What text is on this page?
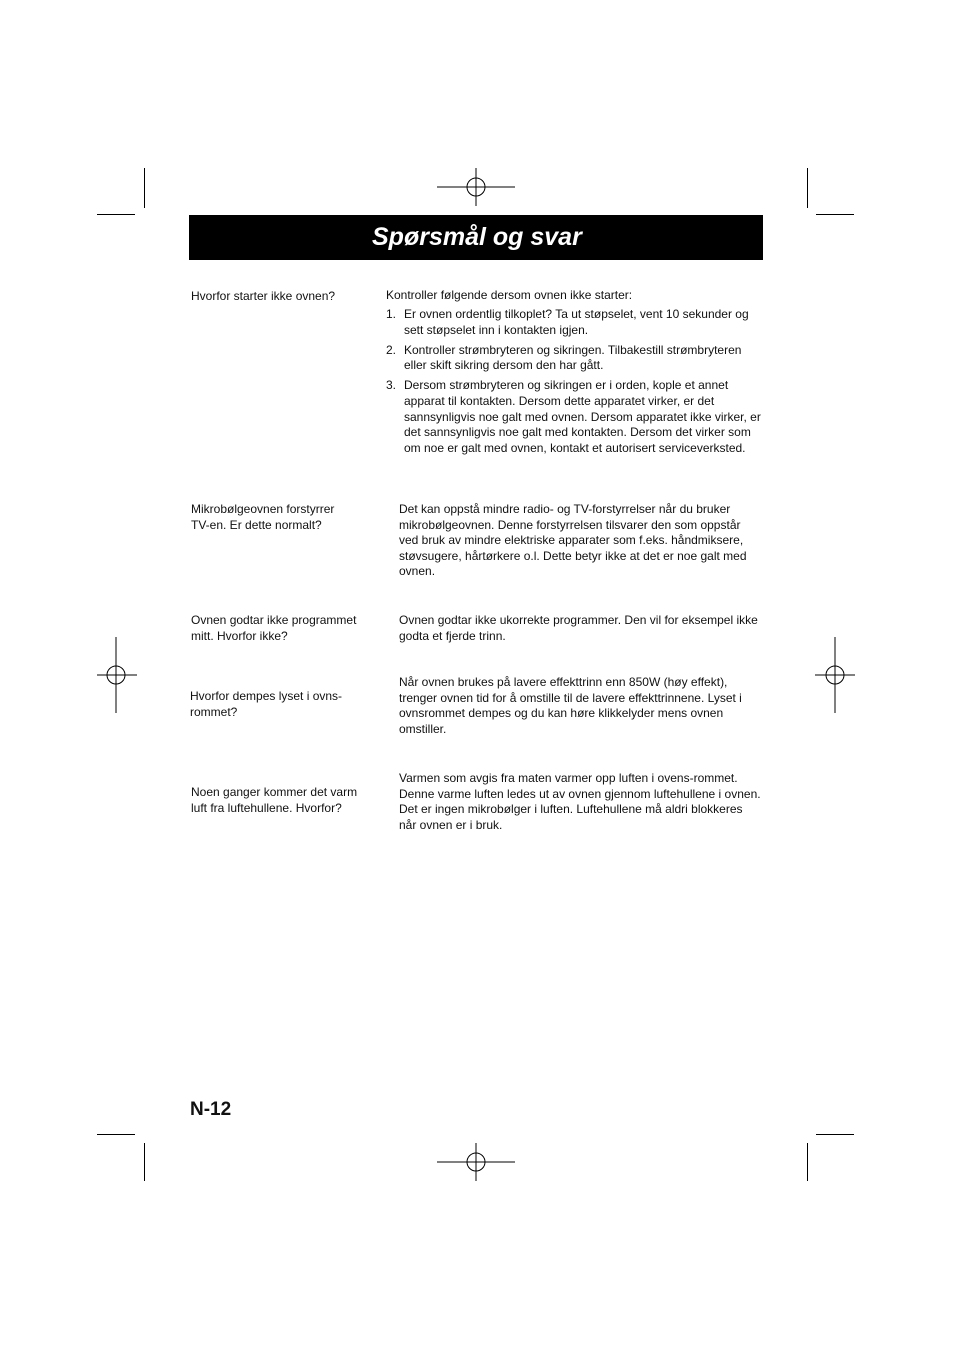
Spørsmål og svar
Hvorfor starter ikke ovnen?	Kontroller følgende dersom ovnen ikke starter:
1. Er ovnen ordentlig tilkoplet? Ta ut støpselet, vent 10 sekunder og sett støpselet inn i kontakten igjen.
2. Kontroller strømbryteren og sikringen. Tilbakestill strømbryteren eller skift sikring dersom den har gått.
3. Dersom strømbryteren og sikringen er i orden, kople et annet apparat til kontakten. Dersom dette apparatet virker, er det sannsynligvis noe galt med ovnen. Dersom apparatet ikke virker, er det sannsynligvis noe galt med kontakten. Dersom det virker som om noe er galt med ovnen, kontakt et autorisert serviceverksted.
Mikrobølgeovnen forstyrrer TV-en. Er dette normalt?
Det kan oppstå mindre radio- og TV-forstyrrelser når du bruker mikrobølgeovnen. Denne forstyrrelsen tilsvarer den som oppstår ved bruk av mindre elektriske apparater som f.eks. håndmiksere, støvsugere, hårtørkere o.l. Dette betyr ikke at det er noe galt med ovnen.
Ovnen godtar ikke programmet mitt. Hvorfor ikke?
Ovnen godtar ikke ukorrekte programmer. Den vil for eksempel ikke godta et fjerde trinn.
Hvorfor dempes lyset i ovns-rommet?
Når ovnen brukes på lavere effekttrinn enn 850W (høy effekt), trenger ovnen tid for å omstille til de lavere effekttrinnene. Lyset i ovnsrommet dempes og du kan høre klikkelyder mens ovnen omstiller.
Noen ganger kommer det varm luft fra luftehullene. Hvorfor?
Varmen som avgis fra maten varmer opp luften i ovens-rommet. Denne varme luften ledes ut av ovnen gjennom luftehullene i ovnen. Det er ingen mikrobølger i luften. Luftehullene må aldri blokkeres når ovnen er i bruk.
N-12
